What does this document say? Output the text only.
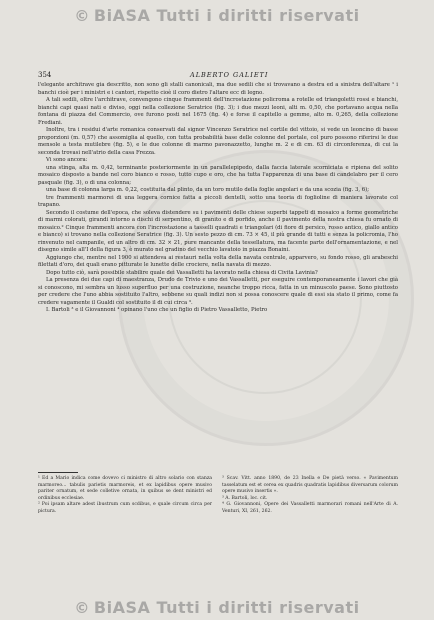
© BiASA Tutti i diritti riservati
354	ALBERTO GALIETI

l'elegante architrave gia descritto, non sono gli stalli canonicali, ma due sedili che si trovavano a destra ed a sinistra dell'altare ¹ i banchi cioè per i ministri e i cantori, rispetto cioè il coro dietro l'altare ecc di legno.

A tali sedili, oltre l'architrave, convengono cinque frammenti dell'incrostazione policroma a rotelle ed triangoletti rossi e bianchi, bianchi capi quasi nati e diviso, oggi nella collezione Seratrice (fig. 3); i due mezzi leoni, alti m. 0,50, che portavano acqua nella fontana di piazza del Commercio, ove furono posti nel 1675 (fig. 4) e forse il capitello a gemme, alto m. 0,265, della collezione Frediani.

Inoltre, tra i residui d'arte romanica conservati dal signor Vincenzo Seratrice nel cortile del vittoio, si vede un leoncino di basse proporzioni (m. 0,57) che assomiglia al quello, con tutta probabilità base delle colonne del portale, col puro possono riferirsi le due mensole a testa mutilebre (fig. 5), e le due colonne di marmo pavonazzetto, lunghe m. 2 e di cm. 63 di circonferenza, di cui la seconda trovasi nell'atrio della casa Frezza.

Vi sono ancora:

una stinga, alta m. 0,42, terminante posteriormente in un parallelepipedo, dalla faccia laterale scorniciata e ripiena del solito mosaico disposto a bande nel coro bianco e rosso, tutto cupo e oro, che ha tutta l'apparenza di una base di candelabro per il cero pasquale (fig. 3), o di una colonna;

una base di colonna larga m. 0,22, costituita dal plinto, da un toro mutilo della foglie angolari e da una scozia (fig. 3, 6);

tre frammenti marmorei di una leggera cornice fatta a piccoli dentelli, sotto una teoria di foglioline di maniera lavorate col trapano.

Secondo il costume dell'epoca, che soleva distendere su i pavimenti delle chiese superbi tappeti di mosaico a forme geometriche di marmi colorati, girandi intorno a dischi di serpentino, di granito e di porfido, anche il pavimento della nostra chiesa fu ornato di mosaico.² Cinque frammenti ancora con l'incrostazione a tasselli quadrati e triangolari (di fiore di persico, rosso antico, giallo antico e bianco) si trovano nella collezione Seratrice (fig. 3). Un sesto pezzo di cm. 73 × 45, il più grande di tutti e senza la policromia, l'ho rinvenuto nel campanile, ed un altro di cm. 32 × 21, pure mancante della tessellatura, ma facente parte dell'ornamentazione, e nel disegno simile all'I della figura 3, è murato nel gradino del vecchio lavatoio in piazza Bonaini.

Aggiungo che, mentre nel 1900 si attendeva ai restauri nella volta della navata centrale, apparvero, su fondo rosso, gli arabeschi filettati d'oro, dei quali erano pitturate le lunette delle crociere, nella navata di mezzo.

Dopo tutto ciò, sarà possibile stabilire quale dei Vassalletti ha lavorato nella chiesa di Civita Lavinia?

La presenza dei due capi di maestranza, Drudo de Trivio e uno dei Vassalletti, per eseguire contemporaneamente i lavori che già si conoscono, mi sembra un lusso superfluo per una costruzione, neanche troppo ricca, fatta in un minuscolo paese. Sono piuttosto per credere che l'uno abbia sostituito l'altro, sebbene su quali indizi non si possa conoscere quale di essi sia stato il primo, come fa credere vagamente il Gualdi col sostituito il di cui circa ³.

I. Bartoli ³ e il Giovannoni ⁴ opinano l'uno che un figlio di Pietro Vassalletto, Pietro

¹ Ed a Mario indica come dovevo ci ministro di altro solario con stanza marmoreo... tabulis parietis marmoreis, et ex lapidibus opere musivo pariter ornatum, et sede colletive ornata, in quibus se dent ministri ed ordinibus ecclesiae.

² Poi ipsam altare adest ibustrum cum scdibus, e quale circum circa per pictura.

³ Scav. Vitt. anno 1890, de 23 Inella e De pietà verso. « Pavimentum tasselatum est et cerea ex quadris quadratis lapidibus diversarum colorum opere musivo insertis ».

³ A. Bartoli, loc. cit.

⁴ G. Giovannoni, Opere dei Vassalletti marmorari romani nell'Arte di A. Venturi, XI, 261, 262.

© BiASA Tutti i diritti riservati
